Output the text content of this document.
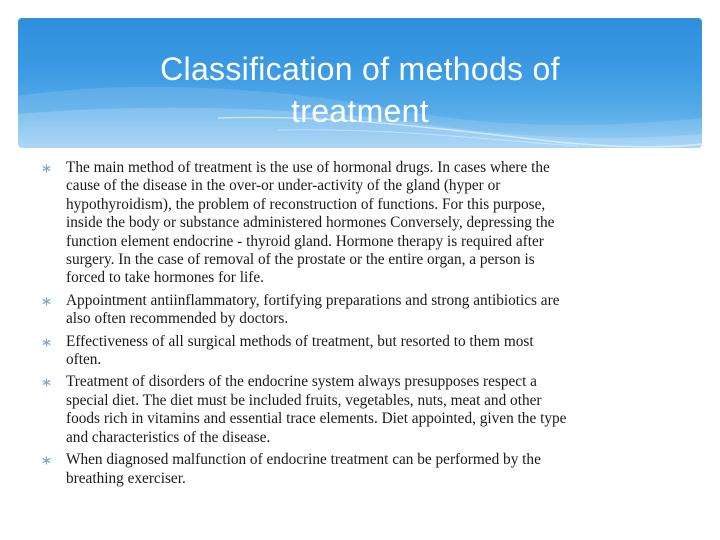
Classification of methods of
treatment
The main method of treatment is the use of hormonal drugs. In cases where the
cause of the disease in the over-or under-activity of the gland (hyper or
hypothyroidism), the problem of reconstruction of functions. For this purpose,
inside the body or substance administered hormones Conversely, depressing the
function element endocrine - thyroid gland. Hormone therapy is required after
surgery. In the case of removal of the prostate or the entire organ, a person is
forced to take hormones for life.
Appointment antiinflammatory, fortifying preparations and strong antibiotics are
also often recommended by doctors.
Effectiveness of all surgical methods of treatment, but resorted to them most
often.
Treatment of disorders of the endocrine system always presupposes respect a
special diet. The diet must be included fruits, vegetables, nuts, meat and other
foods rich in vitamins and essential trace elements. Diet appointed, given the type
and characteristics of the disease.
When diagnosed malfunction of endocrine treatment can be performed by the
breathing exerciser.
